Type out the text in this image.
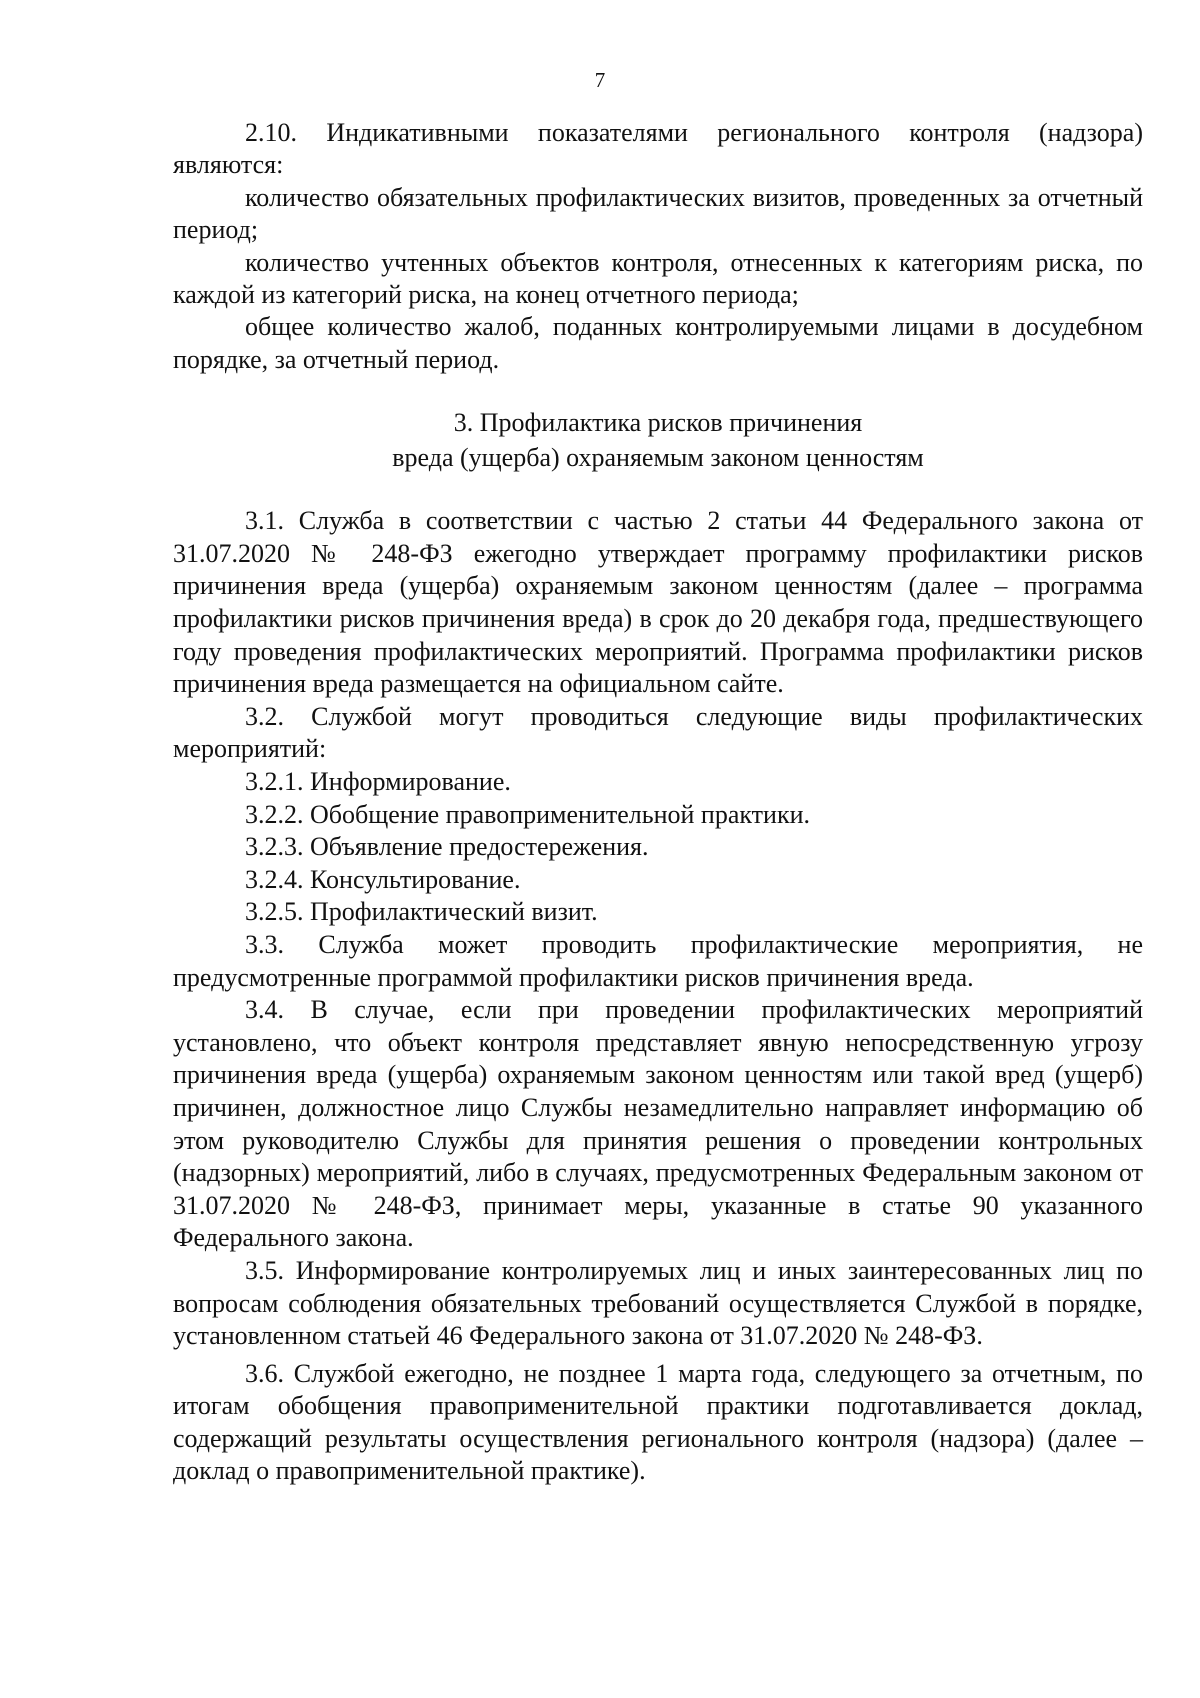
7

2.10. Индикативными показателями регионального контроля (надзора) являются:

количество обязательных профилактических визитов, проведенных за отчетный период;

количество учтенных объектов контроля, отнесенных к категориям риска, по каждой из категорий риска, на конец отчетного периода;

общее количество жалоб, поданных контролируемыми лицами в досудебном порядке, за отчетный период.

3. Профилактика рисков причинения
вреда (ущерба) охраняемым законом ценностям

3.1. Служба в соответствии с частью 2 статьи 44 Федерального закона от 31.07.2020 № 248-ФЗ ежегодно утверждает программу профилактики рисков причинения вреда (ущерба) охраняемым законом ценностям (далее – программа профилактики рисков причинения вреда) в срок до 20 декабря года, предшествующего году проведения профилактических мероприятий. Программа профилактики рисков причинения вреда размещается на официальном сайте.

3.2. Службой могут проводиться следующие виды профилактических мероприятий:

3.2.1. Информирование.

3.2.2. Обобщение правоприменительной практики.

3.2.3. Объявление предостережения.

3.2.4. Консультирование.

3.2.5. Профилактический визит.

3.3. Служба может проводить профилактические мероприятия, не предусмотренные программой профилактики рисков причинения вреда.

3.4. В случае, если при проведении профилактических мероприятий установлено, что объект контроля представляет явную непосредственную угрозу причинения вреда (ущерба) охраняемым законом ценностям или такой вред (ущерб) причинен, должностное лицо Службы незамедлительно направляет информацию об этом руководителю Службы для принятия решения о проведении контрольных (надзорных) мероприятий, либо в случаях, предусмотренных Федеральным законом от 31.07.2020 № 248-ФЗ, принимает меры, указанные в статье 90 указанного Федерального закона.

3.5. Информирование контролируемых лиц и иных заинтересованных лиц по вопросам соблюдения обязательных требований осуществляется Службой в порядке, установленном статьей 46 Федерального закона от 31.07.2020 № 248-ФЗ.

3.6. Службой ежегодно, не позднее 1 марта года, следующего за отчетным, по итогам обобщения правоприменительной практики подготавливается доклад, содержащий результаты осуществления регионального контроля (надзора) (далее – доклад о правоприменительной практике).
